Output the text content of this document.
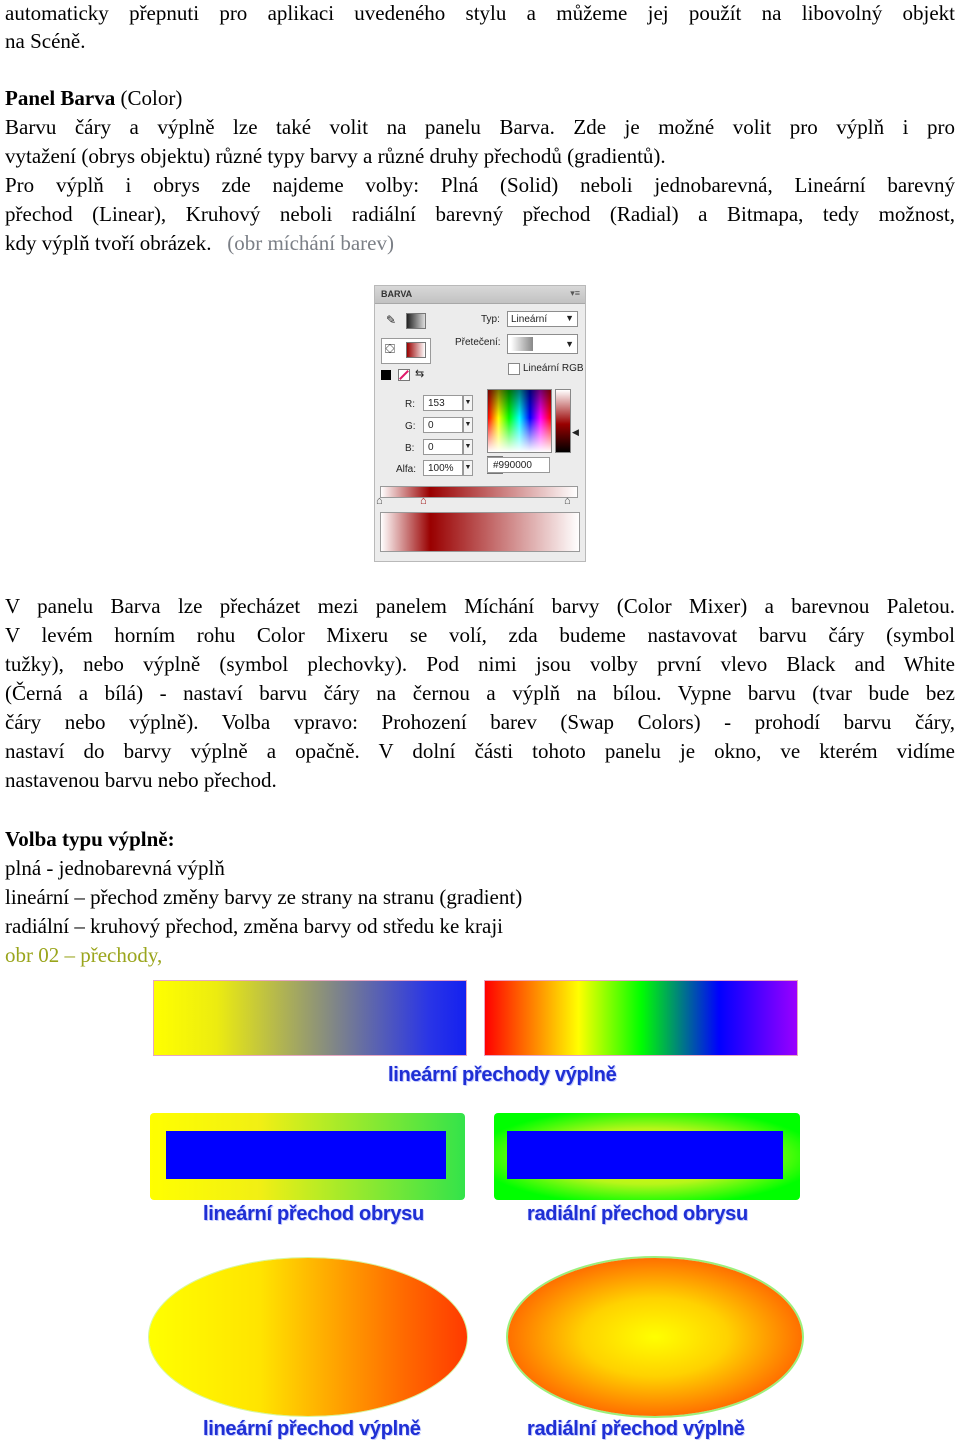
automaticky přepnuti pro aplikaci uvedeného stylu a můžeme jej použít na libovolný objekt
na Scéně.
Panel Barva (Color)
Barvu čáry a výplně lze také volit na panelu Barva. Zde je možné volit pro výplň i pro
vytažení (obrys objektu) různé typy barvy a různé druhy přechodů (gradientů).
Pro výplň i obrys zde najdeme volby: Plná (Solid) neboli jednobarevná, Lineární barevný
přechod (Linear), Kruhový neboli radiální barevný přechod (Radial) a Bitmapa, tedy možnost,
kdy výplň tvoří obrázek. (obr míchání barev)
BARVA	▾≡
✎
⛋
⇆
Typ: Lineární ▼
Přetečení:	▼
Lineární RGB
R: 153	▼
G: 0	▼
B: 0	▼
Alfa: 100% ▼
◀
#990000
⌂	⌂	⌂
V panelu Barva lze přecházet mezi panelem Míchání barvy (Color Mixer) a barevnou Paletou.
V levém horním rohu Color Mixeru se volí, zda budeme nastavovat barvu čáry (symbol
tužky), nebo výplně (symbol plechovky). Pod nimi jsou volby první vlevo Black and White
(Černá a bílá) - nastaví barvu čáry na černou a výplň na bílou. Vypne barvu (tvar bude bez
čáry nebo výplně). Volba vpravo: Prohození barev (Swap Colors) - prohodí barvu čáry,
nastaví do barvy výplně a opačně. V dolní části tohoto panelu je okno, ve kterém vidíme
nastavenou barvu nebo přechod.
Volba typu výplně:
plná - jednobarevná výplň
lineární – přechod změny barvy ze strany na stranu (gradient)
radiální – kruhový přechod, změna barvy od středu ke kraji
obr 02 – přechody,
lineární přechody výplně
lineární přechod obrysu	radiální přechod obrysu
lineární přechod výplně	radiální přechod výplně
